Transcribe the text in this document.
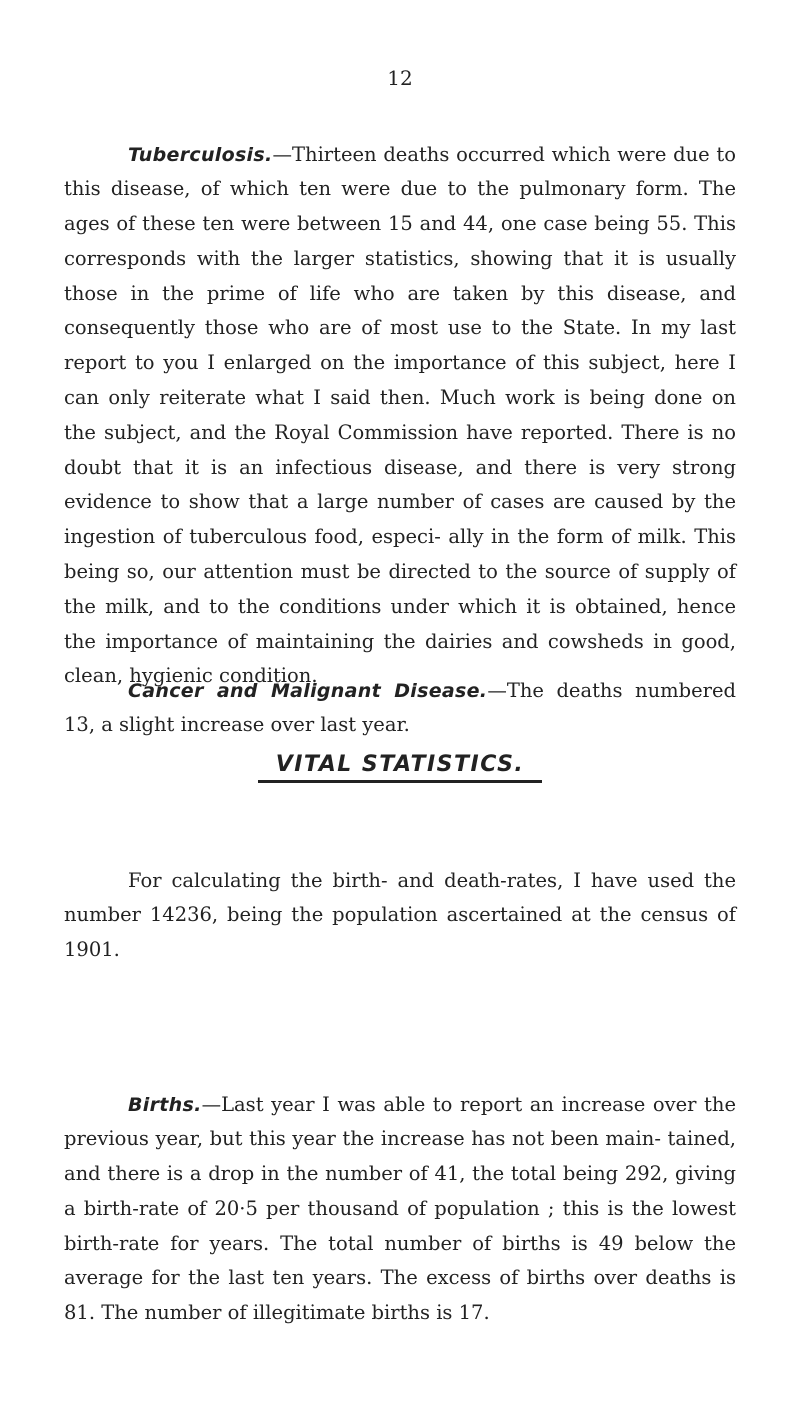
12

Tuberculosis.—Thirteen deaths occurred which were due to this disease, of which ten were due to the pulmonary form. The ages of these ten were between 15 and 44, one case being 55. This corresponds with the larger statistics, showing that it is usually those in the prime of life who are taken by this disease, and consequently those who are of most use to the State. In my last report to you I enlarged on the importance of this subject, here I can only reiterate what I said then. Much work is being done on the subject, and the Royal Commission have reported. There is no doubt that it is an infectious disease, and there is very strong evidence to show that a large number of cases are caused by the ingestion of tuberculous food, especi- ally in the form of milk. This being so, our attention must be directed to the source of supply of the milk, and to the conditions under which it is obtained, hence the importance of maintaining the dairies and cowsheds in good, clean, hygienic condition.

Cancer and Malignant Disease.—The deaths numbered 13, a slight increase over last year.

VITAL STATISTICS.

For calculating the birth- and death-rates, I have used the number 14236, being the population ascertained at the census of 1901.

Births.—Last year I was able to report an increase over the previous year, but this year the increase has not been main- tained, and there is a drop in the number of 41, the total being 292, giving a birth-rate of 20·5 per thousand of population ; this is the lowest birth-rate for years. The total number of births is 49 below the average for the last ten years. The excess of births over deaths is 81. The number of illegitimate births is 17.
